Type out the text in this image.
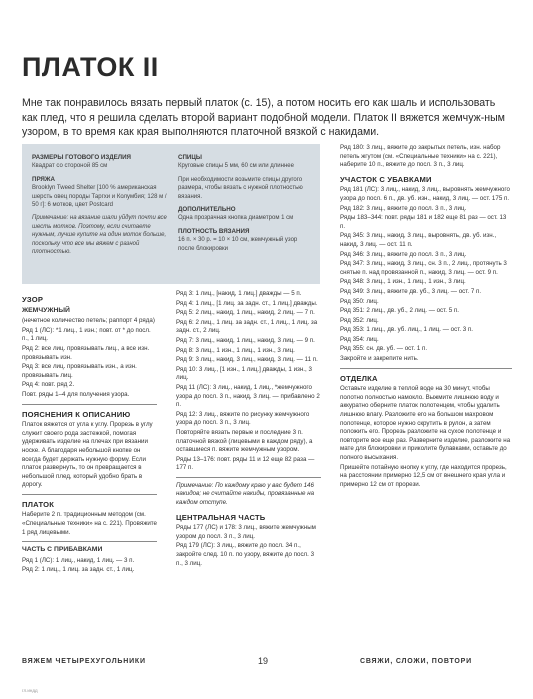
ПЛАТОК II

Мне так понравилось вязать первый платок (с. 15), а потом носить его как шаль и использовать как плед, что я решила сделать второй вариант подобной модели. Платок II вяжется жемчуж-ным узором, в то время как края выполняются платочной вязкой с накидами.

РАЗМЕРЫ ГОТОВОГО ИЗДЕЛИЯ
Квадрат со стороной 85 см
ПРЯЖА
Brooklyn Tweed Shelter [100 % американская шерсть овец породы Таргхи и Колумбия; 128 м / 50 г]: 6 мотков, цвет Postcard
Примечание: на вязание шали уйдут почти все шесть мотков. Поэтому, если считаете нужным, лучше купите на один моток больше, поскольку что все мы вяжем с разной плотностью.
СПИЦЫ
Круговые спицы 5 мм, 60 см или длиннее
При необходимости возьмите спицы другого размера, чтобы вязать с нужной плотностью вязания.
ДОПОЛНИТЕЛЬНО
Одна прозрачная кнопка диаметром 1 см
ПЛОТНОСТЬ ВЯЗАНИЯ
16 п. × 30 р. = 10 × 10 см, жемчужный узор после блокировки
УЗОР
ЖЕМЧУЖНЫЙ
(нечетное количество петель; раппорт 4 ряда)
Ряд 1 (ЛС): *1 лиц., 1 изн.; повт. от * до посл. п., 1 лиц.
Ряд 2: все лиц. провязывать лиц., а все изн. провязывать изн.
Ряд 3: все лиц. провязывать изн., а изн. провязывать лиц.
Ряд 4: повт. ряд 2.
Повт. ряды 1–4 для получения узора.
ПОЯСНЕНИЯ К ОПИСАНИЮ
Платок вяжется от угла к углу. Прорезь в углу служит своего рода застежкой, помогая удерживать изделие на плечах при вязании носке. А благодаря небольшой кнопке он всегда будет держать нужную форму. Если платок развернуть, то он превращается в небольшой плед, который удобно брать в дорогу.
ПЛАТОК
Наберите 2 п. традиционным методом (см. «Специальные техники» на с. 221). Провяжите 1 ряд лицевыми.
ЧАСТЬ С ПРИБАВКАМИ
Ряд 1 (ЛС): 1 лиц., накид, 1 лиц. — 3 п.
Ряд 2: 1 лиц., 1 лиц. за задн. ст., 1 лиц.
Ряд 3: 1 лиц., [накид, 1 лиц.] дважды — 5 п.
Ряд 4: 1 лиц., [1 лиц. за задн. ст., 1 лиц.] дважды.
Ряд 5: 2 лиц., накид, 1 лиц., накид, 2 лиц. — 7 п.
Ряд 6: 2 лиц., 1 лиц. за задн. ст., 1 лиц., 1 лиц. за задн. ст., 2 лиц.
Ряд 7: 3 лиц., накид, 1 лиц., накид, 3 лиц. — 9 п.
Ряд 8: 3 лиц., 1 изн., 1 лиц., 1 изн., 3 лиц.
Ряд 9: 3 лиц., накид, 3 лиц., накид, 3 лиц. — 11 п.
Ряд 10: 3 лиц., [1 изн., 1 лиц.] дважды, 1 изн., 3 лиц.
Ряд 11 (ЛС): 3 лиц., накид, 1 лиц., *жемчужного узора до посл. 3 п., накид, 3 лиц. — прибавлено 2 п.
Ряд 12: 3 лиц., вяжите по рисунку жемчужного узора до посл. 3 п., 3 лиц.
Повторяйте вязать первые и последние 3 п. платочной вязкой (лицевыми в каждом ряду), а оставшиеся п. вяжите жемчужным узором.
Ряды 13–176: повт. ряды 11 и 12 еще 82 раза — 177 п.
Примечание: По каждому краю у вас будет 146 накидов; не считайте накиды, провязанные на каждом отступе.
ЦЕНТРАЛЬНАЯ ЧАСТЬ
Ряды 177 (ЛС) и 178: 3 лиц., вяжите жемчужным узором до посл. 3 п., 3 лиц.
Ряд 179 (ЛС): 3 лиц., вяжите до посл. 34 п., закройте след. 10 п. по узору, вяжите до посл. 3 п., 3 лиц.
Ряд 180: 3 лиц., вяжите до закрытых петель, изн. набор петель жгутом (см. «Специальные техники» на с. 221), наберите 10 п., вяжите до посл. 3 п., 3 лиц.
УЧАСТОК С УБАВКАМИ
Ряд 181 (ЛС): 3 лиц., накид, 3 лиц., выровнять жемчужного узора до посл. 6 п., дв. уб. изн., накид, 3 лиц. — ост. 175 п.
Ряд 182: 3 лиц., вяжите до посл. 3 п., 3 лиц.
Ряды 183–344: повт. ряды 181 и 182 еще 81 раз — ост. 13 п.
Ряд 345: 3 лиц., накид, 3 лиц., выровнять, дв. уб. изн., накид, 3 лиц. — ост. 11 п.
Ряд 346: 3 лиц., вяжите до посл. 3 п., 3 лиц.
Ряд 347: 3 лиц., накид, 3 лиц., сн. 3 п., 2 лиц., протянуть 3 снятые п. над провязанной п., накид, 3 лиц. — ост. 9 п.
Ряд 348: 3 лиц., 1 изн., 1 лиц., 1 изн., 3 лиц.
Ряд 349: 3 лиц., вяжите дв. уб., 3 лиц. — ост. 7 п.
Ряд 350: лиц.
Ряд 351: 2 лиц., дв. уб., 2 лиц. — ост. 5 п.
Ряд 352: лиц.
Ряд 353: 1 лиц., дв. уб. лиц., 1 лиц. — ост. 3 п.
Ряд 354: лиц.
Ряд 355: сн. дв. уб. — ост. 1 п.
Закройте и закрепите нить.
ОТДЕЛКА
Оставьте изделие в теплой воде на 30 минут, чтобы полотно полностью намокло. Выжмите лишнюю воду и аккуратно оберните платок полотенцем, чтобы удалить лишнюю влагу. Разложите его на большом махровом полотенце, которое нужно скрутить в рулон, а затем положить его. Прорезь разложите на сухое полотенце и повторите все еще раз. Разверните изделие, разложите на мате для блокировки и приколите булавками, оставьте до полного высыхания.
Пришейте потайную кнопку к углу, где находится прорезь, на расстоянии примерно 12,5 см от внешнего края угла и примерно 12 см от прорези.
ВЯЖЕМ ЧЕТЫРЕХУГОЛЬНИКИ	19	СВЯЖИ, СЛОЖИ, ПОВТОРИ
гл.индд
